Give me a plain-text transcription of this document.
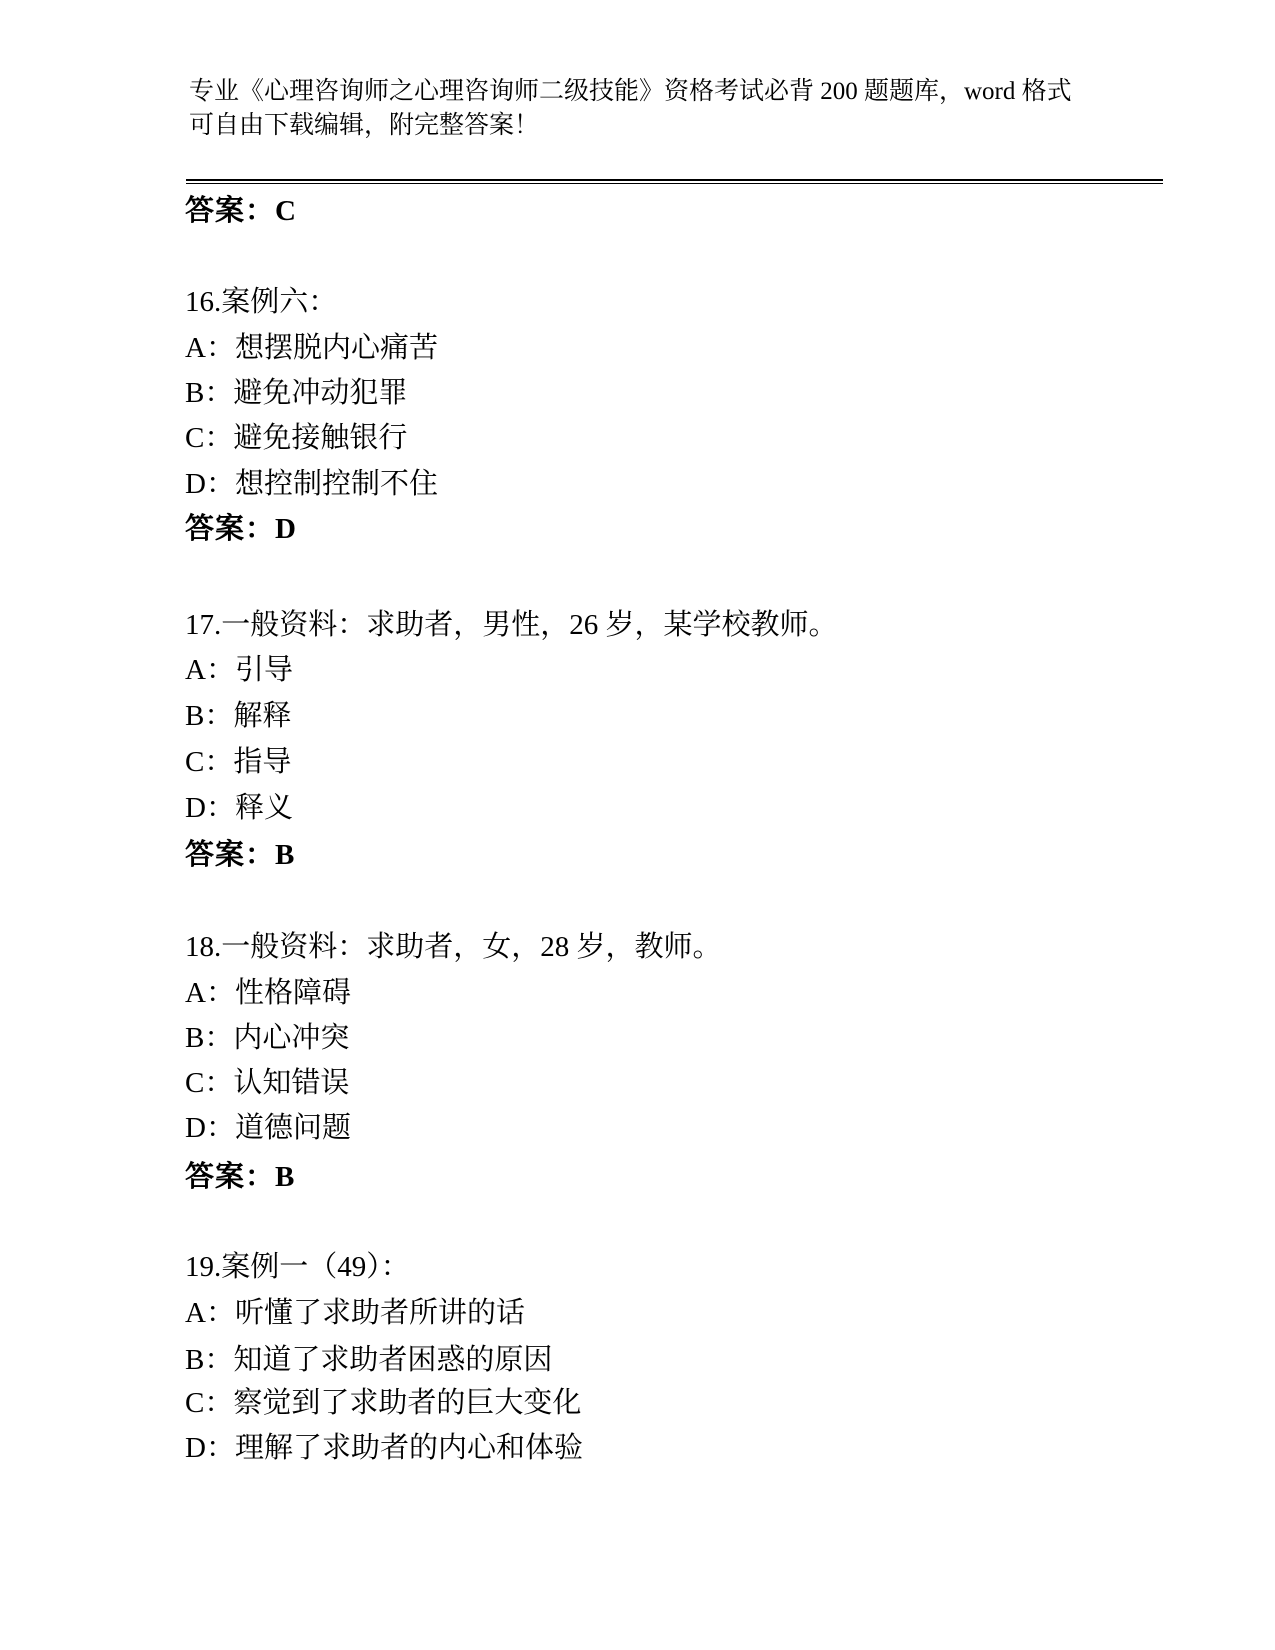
专业《心理咨询师之心理咨询师二级技能》资格考试必背 200 题题库，word 格式
可自由下载编辑，附完整答案！
答案：C
16.案例六：
A：想摆脱内心痛苦
B：避免冲动犯罪
C：避免接触银行
D：想控制控制不住
答案：D
17.一般资料：求助者，男性，26 岁，某学校教师。
A：引导
B：解释
C：指导
D：释义
答案：B
18.一般资料：求助者，女，28 岁，教师。
A：性格障碍
B：内心冲突
C：认知错误
D：道德问题
答案：B
19.案例一（49）：
A：听懂了求助者所讲的话
B：知道了求助者困惑的原因
C：察觉到了求助者的巨大变化
D：理解了求助者的内心和体验
